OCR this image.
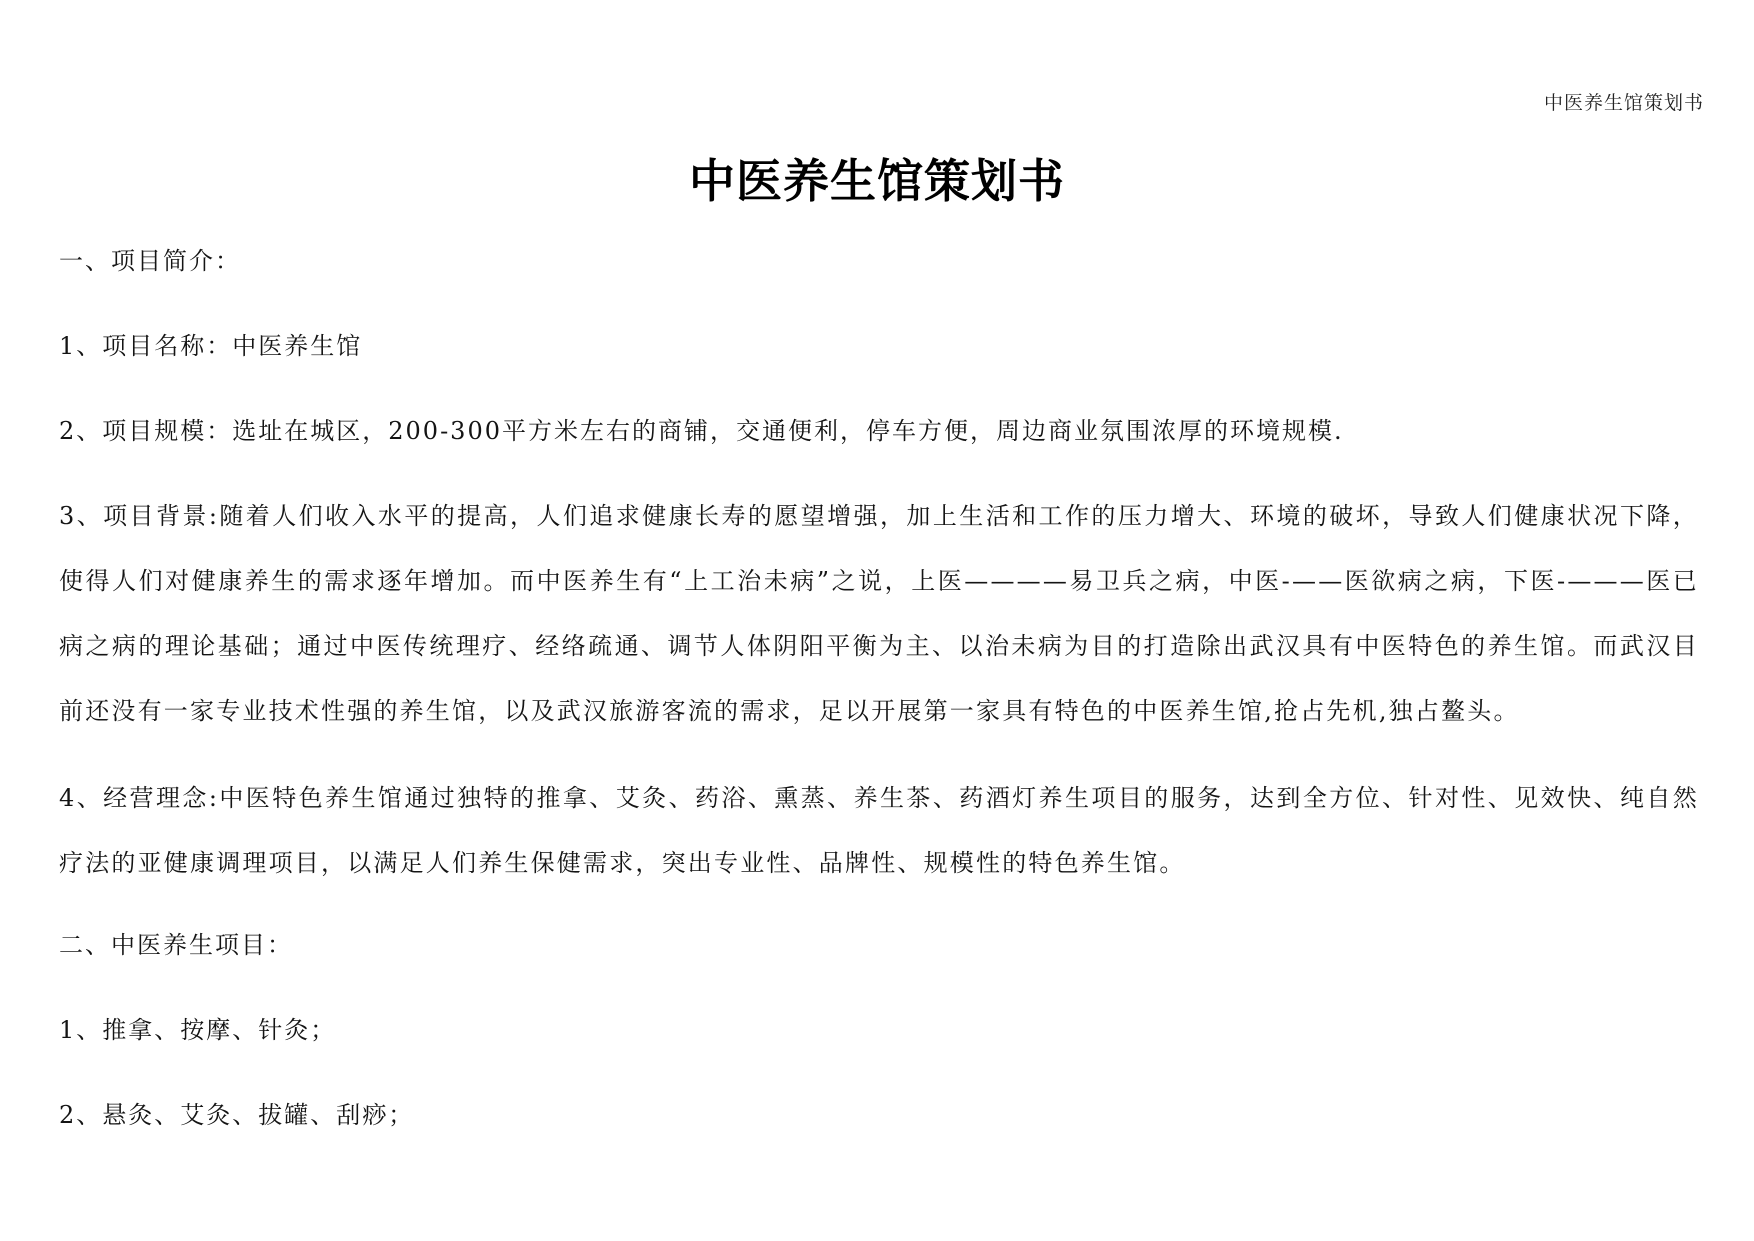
中医养生馆策划书
中医养生馆策划书
一、项目简介：
1、项目名称：中医养生馆
2、项目规模：选址在城区，200-300平方米左右的商铺，交通便利，停车方便，周边商业氛围浓厚的环境规模.
3、项目背景:随着人们收入水平的提高，人们追求健康长寿的愿望增强，加上生活和工作的压力增大、环境的破坏，导致人们健康状况下降，使得人们对健康养生的需求逐年增加。而中医养生有“上工治未病”之说，上医————易卫兵之病，中医-——医欲病之病，下医-———医已病之病的理论基础；通过中医传统理疗、经络疏通、调节人体阴阳平衡为主、以治未病为目的打造除出武汉具有中医特色的养生馆。而武汉目前还没有一家专业技术性强的养生馆，以及武汉旅游客流的需求，足以开展第一家具有特色的中医养生馆,抢占先机,独占鳌头。
4、经营理念:中医特色养生馆通过独特的推拿、艾灸、药浴、熏蒸、养生茶、药酒灯养生项目的服务，达到全方位、针对性、见效快、纯自然疗法的亚健康调理项目，以满足人们养生保健需求，突出专业性、品牌性、规模性的特色养生馆。
二、中医养生项目：
1、推拿、按摩、针灸；
2、悬灸、艾灸、拔罐、刮痧；
